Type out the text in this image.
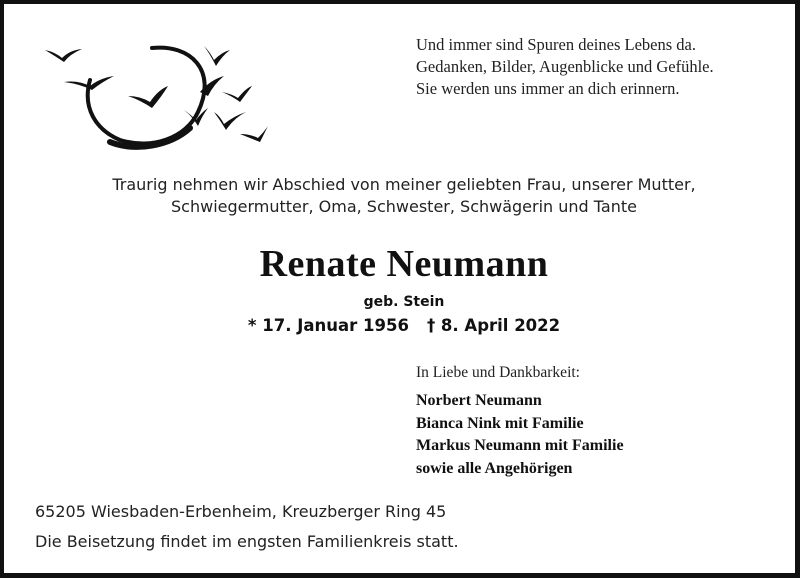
Und immer sind Spuren deines Lebens da.
Gedanken, Bilder, Augenblicke und Gefühle.
Sie werden uns immer an dich erinnern.
Traurig nehmen wir Abschied von meiner geliebten Frau, unserer Mutter,
Schwiegermutter, Oma, Schwester, Schwägerin und Tante
Renate Neumann
geb. Stein
* 17. Januar 1956 † 8. April 2022
In Liebe und Dankbarkeit:
Norbert Neumann
Bianca Nink mit Familie
Markus Neumann mit Familie
sowie alle Angehörigen
65205 Wiesbaden-Erbenheim, Kreuzberger Ring 45
Die Beisetzung findet im engsten Familienkreis statt.
